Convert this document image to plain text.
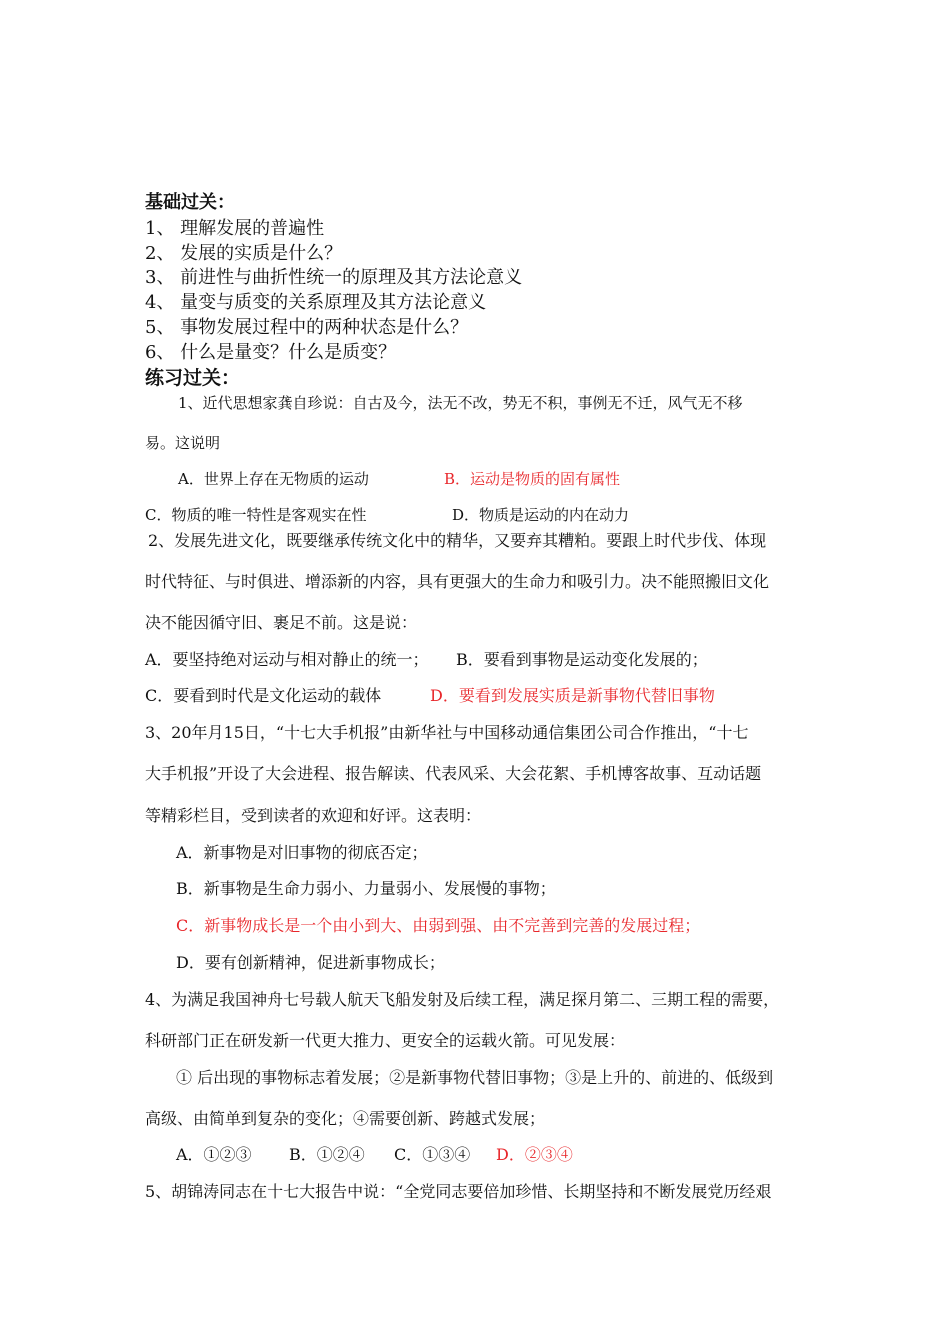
基础过关：
1、 理解发展的普遍性
2、 发展的实质是什么？
3、 前进性与曲折性统一的原理及其方法论意义
4、 量变与质变的关系原理及其方法论意义
5、 事物发展过程中的两种状态是什么？
6、 什么是量变？什么是质变？
练习过关：
1、近代思想家龚自珍说：自古及今，法无不改，势无不积，事例无不迁，风气无不移
易。这说明
A．世界上存在无物质的运动	B．运动是物质的固有属性
C．物质的唯一特性是客观实在性	D．物质是运动的内在动力
2、发展先进文化，既要继承传统文化中的精华，又要弃其糟粕。要跟上时代步伐、体现
时代特征、与时俱进、增添新的内容，具有更强大的生命力和吸引力。决不能照搬旧文化
决不能因循守旧、裹足不前。这是说：
A．要坚持绝对运动与相对静止的统一； B．要看到事物是运动变化发展的；
C．要看到时代是文化运动的载体	D．要看到发展实质是新事物代替旧事物
3、20年月15日，“十七大手机报”由新华社与中国移动通信集团公司合作推出，“十七
大手机报”开设了大会进程、报告解读、代表风采、大会花絮、手机博客故事、互动话题
等精彩栏目，受到读者的欢迎和好评。这表明：
A．新事物是对旧事物的彻底否定；
B．新事物是生命力弱小、力量弱小、发展慢的事物；
C．新事物成长是一个由小到大、由弱到强、由不完善到完善的发展过程；
D．要有创新精神，促进新事物成长；
4、为满足我国神舟七号载人航天飞船发射及后续工程，满足探月第二、三期工程的需要，
科研部门正在研发新一代更大推力、更安全的运载火箭。可见发展：
① 后出现的事物标志着发展；②是新事物代替旧事物；③是上升的、前进的、低级到
高级、由简单到复杂的变化；④需要创新、跨越式发展；
A．①②③ B．①②④ C．①③④ D．②③④
5、胡锦涛同志在十七大报告中说：“全党同志要倍加珍惜、长期坚持和不断发展党历经艰
